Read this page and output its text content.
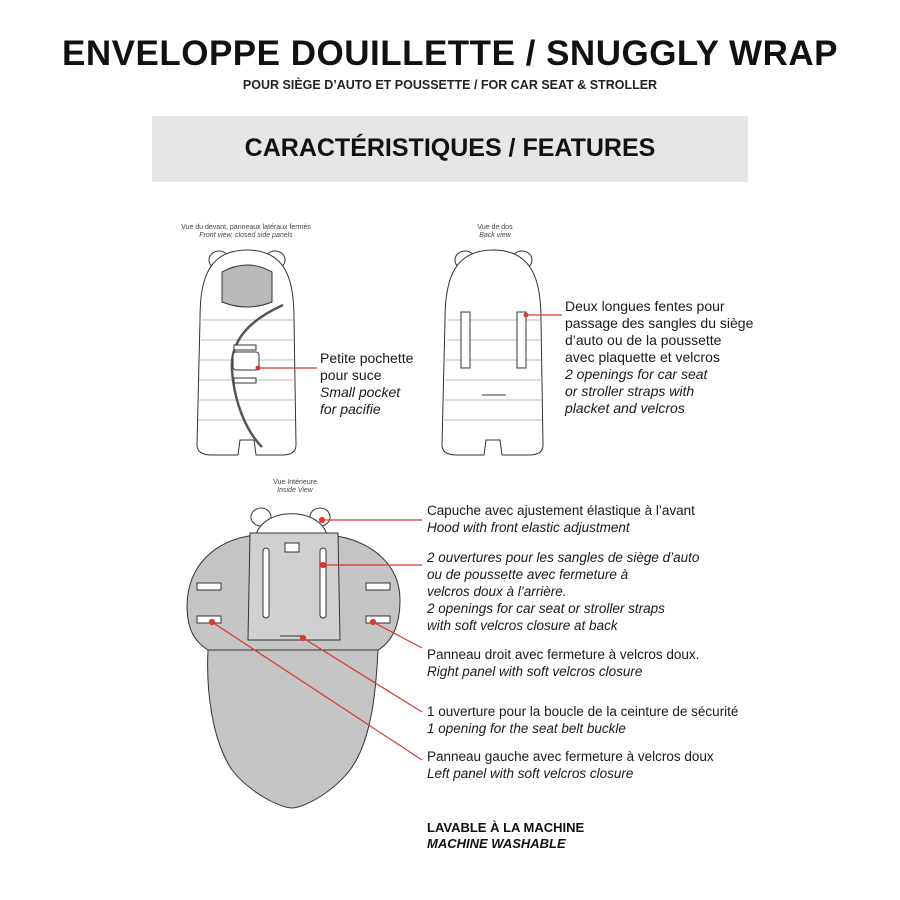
ENVELOPPE DOUILLETTE / SNUGGLY WRAP
POUR SIÈGE D’AUTO ET POUSSETTE / FOR CAR SEAT & STROLLER
CARACTÉRISTIQUES / FEATURES
Vue du devant, panneaux latéraux fermés
Front view, closed side panels
Vue de dos
Back view
Vue Intérieure
Inside View
Petite pochette
pour suce
Small pocket
for pacifie
Deux longues fentes pour
passage des sangles du siège
d’auto ou de la poussette
avec plaquette et velcros
2 openings for car seat
or stroller straps with
placket and velcros
Capuche avec ajustement élastique à l’avant
Hood with front elastic adjustment
2 ouvertures pour les sangles de siège d’auto
ou de poussette avec fermeture à
velcros doux à l’arrière.
2 openings for car seat or stroller straps
with soft velcros closure at back
Panneau droit avec fermeture à velcros doux.
Right panel with soft velcros closure
1 ouverture pour la boucle de la ceinture de sécurité
1 opening for the seat belt buckle
Panneau gauche avec fermeture à velcros doux
Left panel with soft velcros closure
LAVABLE À LA MACHINE
MACHINE WASHABLE
